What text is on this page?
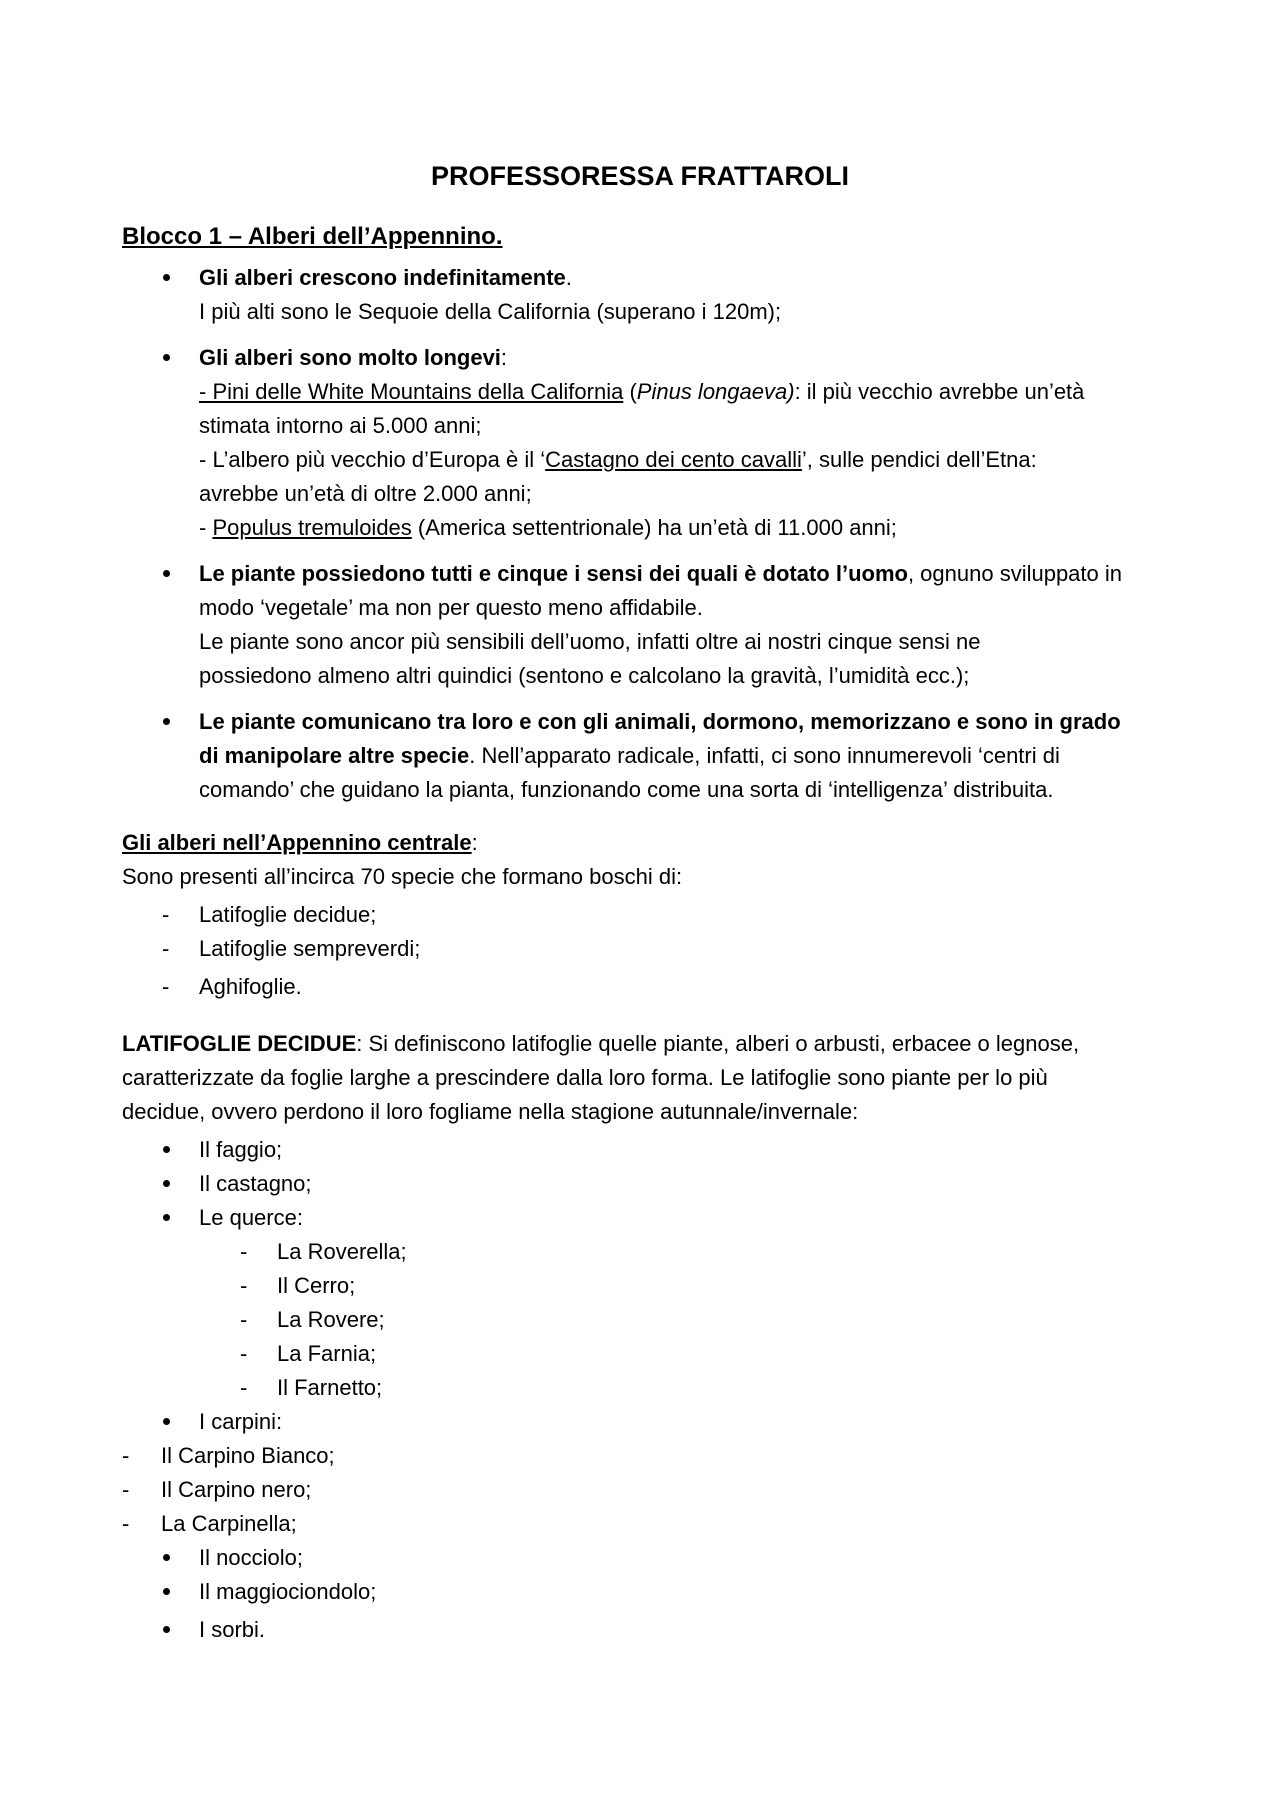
PROFESSORESSA FRATTAROLI
Blocco 1 – Alberi dell’Appennino.
Gli alberi crescono indefinitamente.
I più alti sono le Sequoie della California (superano i 120m);
Gli alberi sono molto longevi:
- Pini delle White Mountains della California (Pinus longaeva): il più vecchio avrebbe un’età
stimata intorno ai 5.000 anni;
- L’albero più vecchio d’Europa è il ‘Castagno dei cento cavalli’, sulle pendici dell’Etna:
avrebbe un’età di oltre 2.000 anni;
- Populus tremuloides (America settentrionale) ha un’età di 11.000 anni;
Le piante possiedono tutti e cinque i sensi dei quali è dotato l’uomo, ognuno sviluppato in
modo ‘vegetale’ ma non per questo meno affidabile.
Le piante sono ancor più sensibili dell’uomo, infatti oltre ai nostri cinque sensi ne
possiedono almeno altri quindici (sentono e calcolano la gravità, l’umidità ecc.);
Le piante comunicano tra loro e con gli animali, dormono, memorizzano e sono in grado
di manipolare altre specie. Nell’apparato radicale, infatti, ci sono innumerevoli ‘centri di
comando’ che guidano la pianta, funzionando come una sorta di ‘intelligenza’ distribuita.
Gli alberi nell’Appennino centrale:
Sono presenti all’incirca 70 specie che formano boschi di:
- Latifoglie decidue;
- Latifoglie sempreverdi;
- Aghifoglie.
LATIFOGLIE DECIDUE: Si definiscono latifoglie quelle piante, alberi o arbusti, erbacee o legnose,
caratterizzate da foglie larghe a prescindere dalla loro forma. Le latifoglie sono piante per lo più
decidue, ovvero perdono il loro fogliame nella stagione autunnale/invernale:
Il faggio;
Il castagno;
Le querce:
- La Roverella;
- Il Cerro;
- La Rovere;
- La Farnia;
- Il Farnetto;
I carpini:
- Il Carpino Bianco;
- Il Carpino nero;
- La Carpinella;
Il nocciolo;
Il maggiociondolo;
I sorbi.
